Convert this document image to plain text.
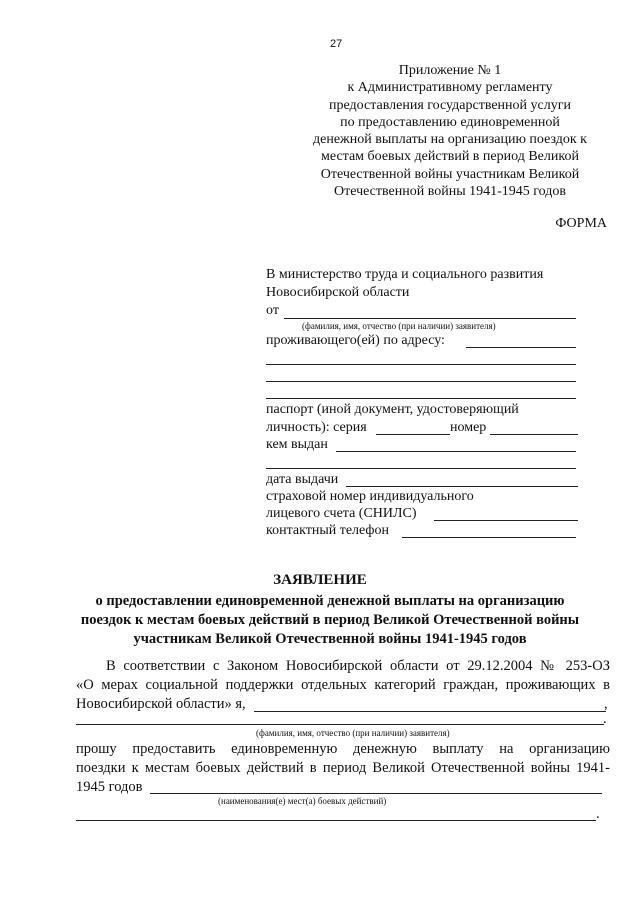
27
Приложение № 1
к Административному регламенту
предоставления государственной услуги
по предоставлению единовременной
денежной выплаты на организацию поездок к
местам боевых действий в период Великой
Отечественной войны участникам Великой
Отечественной войны 1941-1945 годов
ФОРМА
В министерство труда и социального развития
Новосибирской области
от
(фамилия, имя, отчество (при наличии) заявителя)
проживающего(ей) по адресу:
паспорт (иной документ, удостоверяющий
личность): серия	номер
кем выдан
дата выдачи
страховой номер индивидуального
лицевого счета (СНИЛС)
контактный телефон
ЗАЯВЛЕНИЕ
о предоставлении единовременной денежной выплаты на организацию
поездок к местам боевых действий в период Великой Отечественной войны
участникам Великой Отечественной войны 1941-1945 годов
В соответствии с Законом Новосибирской области от 29.12.2004 № 253-ОЗ
«О мерах социальной поддержки отдельных категорий граждан, проживающих в
Новосибирской области» я,	,
.
(фамилия, имя, отчество (при наличии) заявителя)
прошу предоставить единовременную денежную выплату на организацию
поездки к местам боевых действий в период Великой Отечественной войны 1941-
1945 годов
(наименования(е) мест(а) боевых действий)
.
